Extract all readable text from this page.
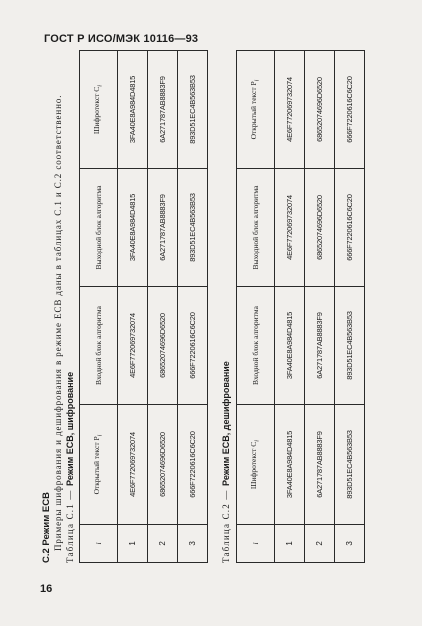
ГОСТ Р ИСО/МЭК 10116—93
С.2 Режим ЕСВ Примеры шифрования и дешифрования в режиме ЕСВ даны в таблицах С.1 и С.2 соответственно. Таблица С.1 — Режим ЕСВ, шифрование
i	Открытый текст $P_i$	Входной блок алгоритма	Выходной блок алгоритма	Шифротекст $C_i$
1	4E6F772069732074	4E6F772069732074	3FA40E8A984D4815	3FA40E8A984D4815
2	68652074696D6520	68652074696D6520	6A271787AB8883F9	6A271787AB8883F9
3	666F7220616C6C20	666F7220616C6C20	893D51EC4B563B53	893D51EC4B563B53
Таблица С.2 — Режим ЕСВ, дешифрование
i	Шифротекст $C_i$	Входной блок алгоритма	Выходной блок алгоритма	Открытый текст $P_i$
1	3FA40E8A984D4815	3FA40E8A984D4815	4E6F772069732074	4E6F772069732074
2	6A271787AB8883F9	6A271787AB8883F9	68652074696D6520	68652074696D6520
3	893D51EC4B563B53	893D51EC4B563B53	666F7220616C6C20	666F7220616C6C20
16
